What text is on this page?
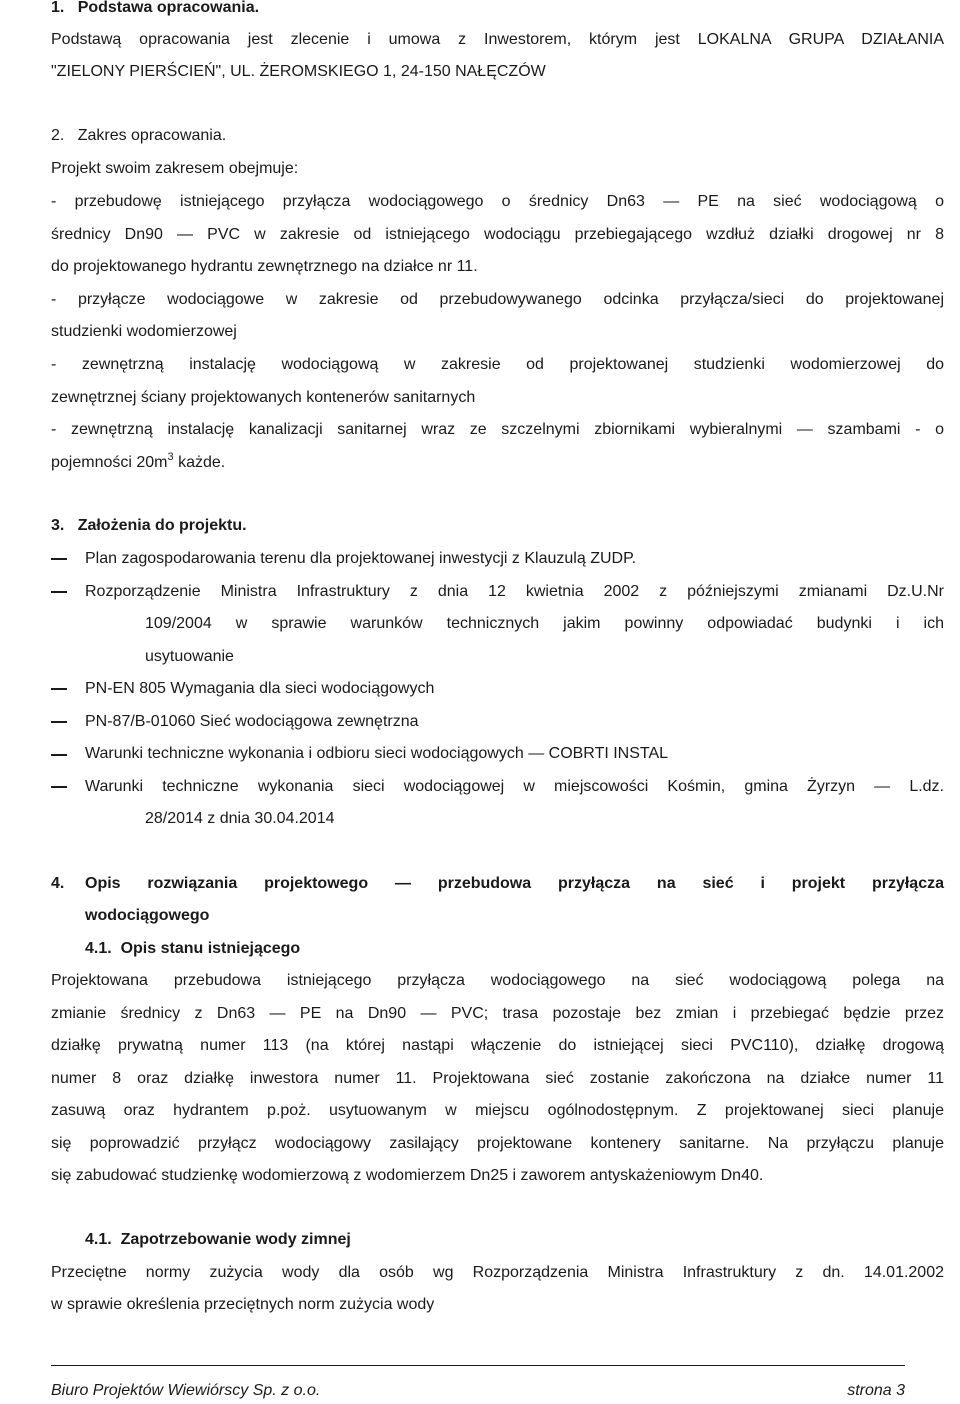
1. Podstawa opracowania.
Podstawą opracowania jest zlecenie i umowa z Inwestorem, którym jest LOKALNA GRUPA DZIAŁANIA
"ZIELONY PIERŚCIEŃ", UL. ŻEROMSKIEGO 1, 24-150 NAŁĘCZÓW
2. Zakres opracowania.
Projekt swoim zakresem obejmuje:
- przebudowę istniejącego przyłącza wodociągowego o średnicy Dn63 — PE na sieć wodociągową o
średnicy Dn90 — PVC w zakresie od istniejącego wodociągu przebiegającego wzdłuż działki drogowej nr 8
do projektowanego hydrantu zewnętrznego na działce nr 11.
- przyłącze wodociągowe w zakresie od przebudowywanego odcinka przyłącza/sieci do projektowanej
studzienki wodomierzowej
- zewnętrzną instalację wodociągową w zakresie od projektowanej studzienki wodomierzowej do
zewnętrznej ściany projektowanych kontenerów sanitarnych
- zewnętrzną instalację kanalizacji sanitarnej wraz ze szczelnymi zbiornikami wybieralnymi — szambami - o
pojemności $20m^3$ każde.
3. Założenia do projektu.
Plan zagospodarowania terenu dla projektowanej inwestycji z Klauzulą ZUDP.
Rozporządzenie Ministra Infrastruktury z dnia 12 kwietnia 2002 z późniejszymi zmianami Dz.U.Nr
109/2004 w sprawie warunków technicznych jakim powinny odpowiadać budynki i ich
usytuowanie
PN-EN 805 Wymagania dla sieci wodociągowych
PN-87/B-01060 Sieć wodociągowa zewnętrzna
Warunki techniczne wykonania i odbioru sieci wodociągowych — COBRTI INSTAL
Warunki techniczne wykonania sieci wodociągowej w miejscowości Kośmin, gmina Żyrzyn — L.dz.
28/2014 z dnia 30.04.2014
4.	Opis rozwiązania projektowego — przebudowa przyłącza na sieć i projekt przyłącza
wodociągowego
4.1. Opis stanu istniejącego
Projektowana przebudowa istniejącego przyłącza wodociągowego na sieć wodociągową polega na
zmianie średnicy z Dn63 — PE na Dn90 — PVC; trasa pozostaje bez zmian i przebiegać będzie przez
działkę prywatną numer 113 (na której nastąpi włączenie do istniejącej sieci PVC110), działkę drogową
numer 8 oraz działkę inwestora numer 11. Projektowana sieć zostanie zakończona na działce numer 11
zasuwą oraz hydrantem p.poż. usytuowanym w miejscu ogólnodostępnym. Z projektowanej sieci planuje
się poprowadzić przyłącz wodociągowy zasilający projektowane kontenery sanitarne. Na przyłączu planuje
się zabudować studzienkę wodomierzową z wodomierzem Dn25 i zaworem antyskażeniowym Dn40.
4.1. Zapotrzebowanie wody zimnej
Przeciętne normy zużycia wody dla osób wg Rozporządzenia Ministra Infrastruktury z dn. 14.01.2002
w sprawie określenia przeciętnych norm zużycia wody
Biuro Projektów Wiewiórscy Sp. z o.o.	strona 3
